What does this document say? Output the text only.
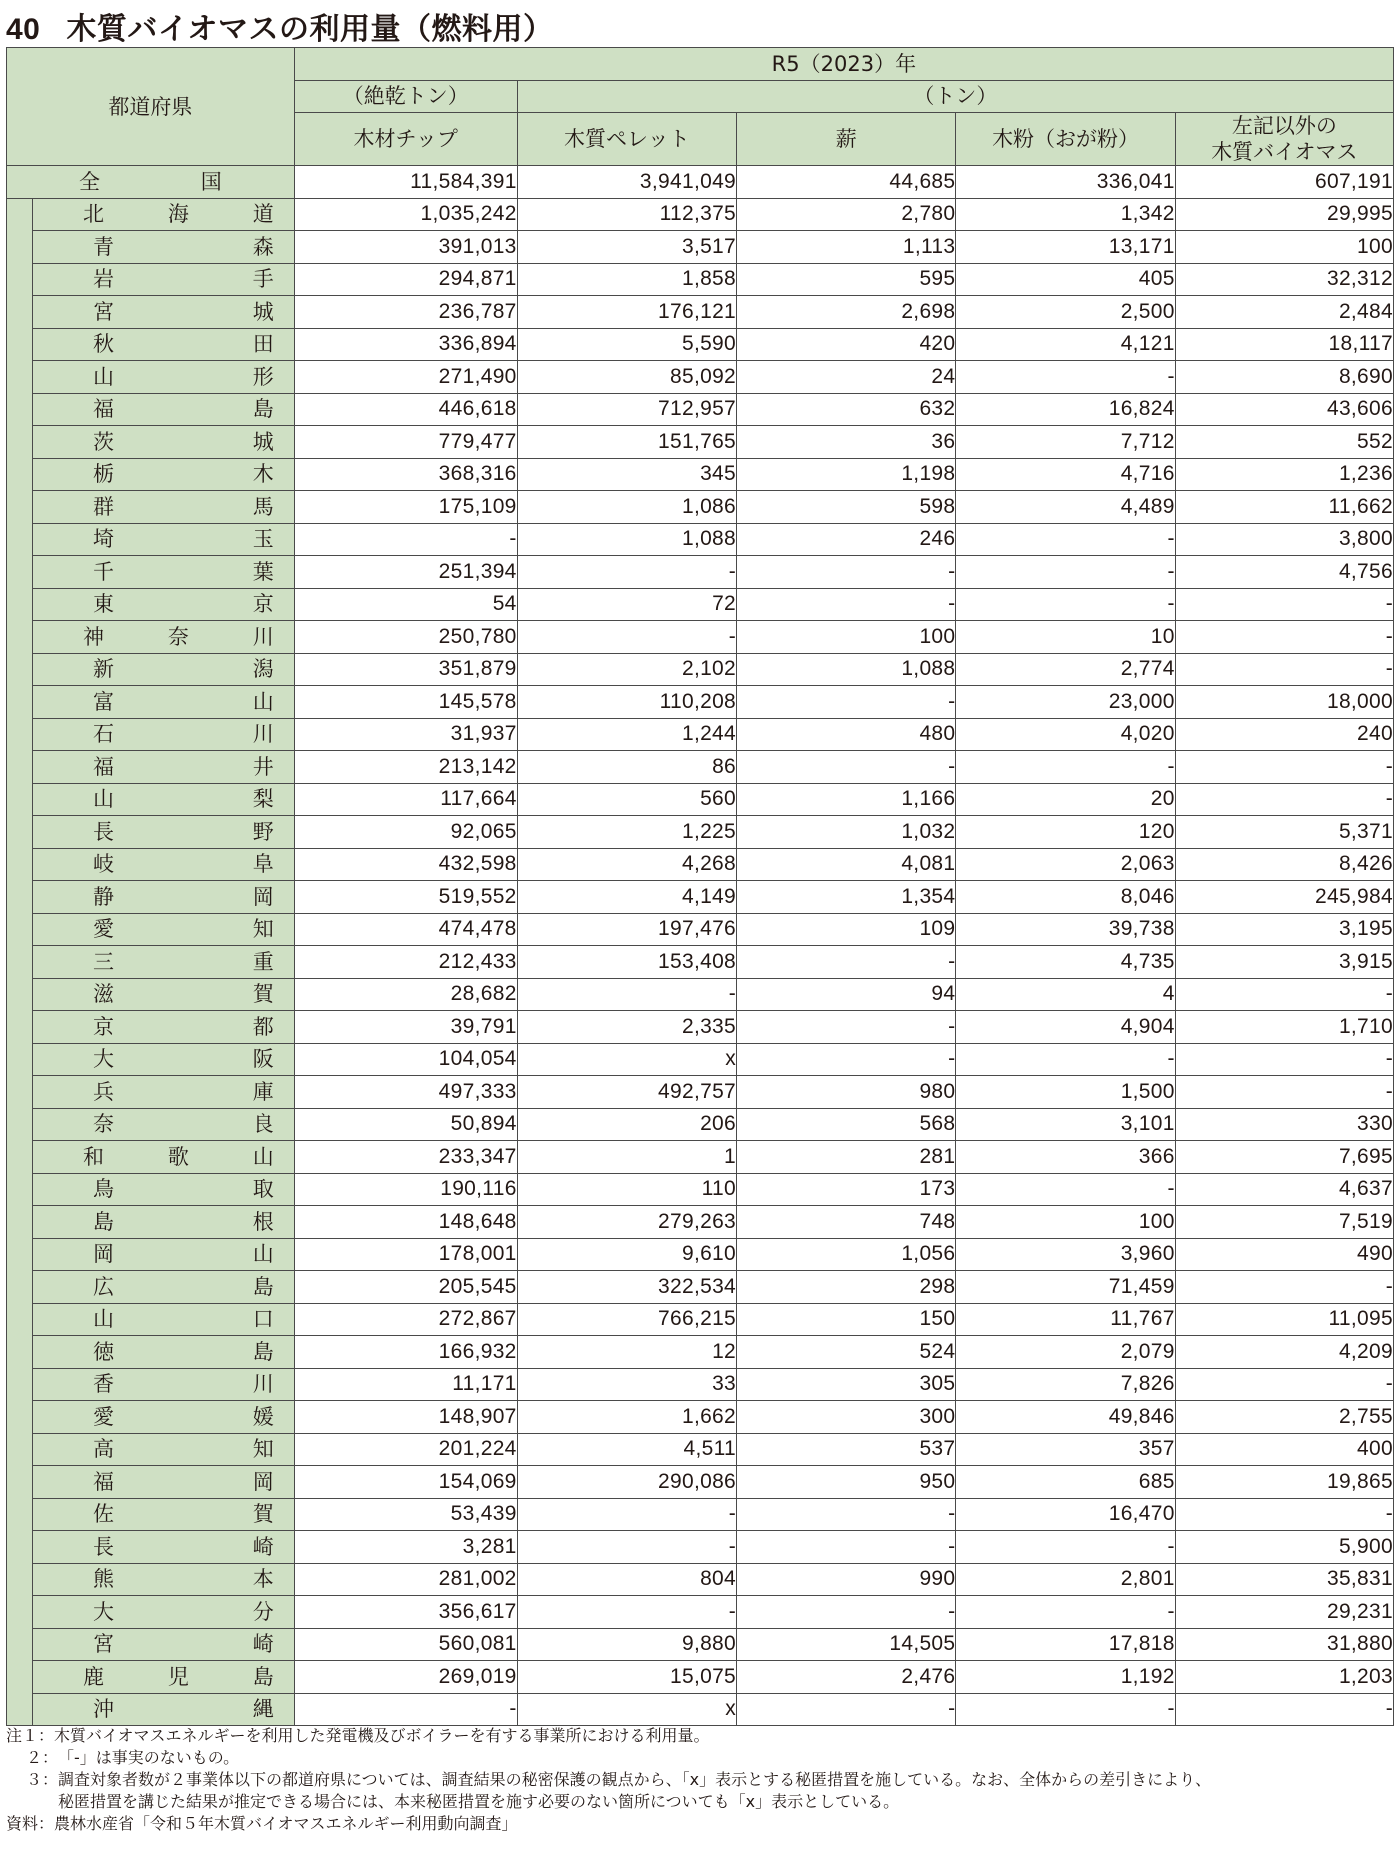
40 木質バイオマスの利用量（燃料用）
都道府県		R5（2023）年				
		（絶乾トン）	（トン）			
		木材チップ	木質ペレット	薪	木粉（おが粉）	左記以外の
木質バイオマス

全 国		11,584,391	3,941,049	44,685	336,041	607,191

	北 海 道	1,035,242	112,375	2,780	1,342	29,995

	青 森	391,013	3,517	1,113	13,171	100

	岩 手	294,871	1,858	595	405	32,312

	宮 城	236,787	176,121	2,698	2,500	2,484

	秋 田	336,894	5,590	420	4,121	18,117

	山 形	271,490	85,092	24	-	8,690

	福 島	446,618	712,957	632	16,824	43,606

	茨 城	779,477	151,765	36	7,712	552

	栃 木	368,316	345	1,198	4,716	1,236

	群 馬	175,109	1,086	598	4,489	11,662

	埼 玉	-	1,088	246	-	3,800

	千 葉	251,394	-	-	-	4,756

	東 京	54	72	-	-	-

	神 奈 川	250,780	-	100	10	-

	新 潟	351,879	2,102	1,088	2,774	-

	富 山	145,578	110,208	-	23,000	18,000

	石 川	31,937	1,244	480	4,020	240

	福 井	213,142	86	-	-	-

	山 梨	117,664	560	1,166	20	-

	長 野	92,065	1,225	1,032	120	5,371

	岐 阜	432,598	4,268	4,081	2,063	8,426

	静 岡	519,552	4,149	1,354	8,046	245,984

	愛 知	474,478	197,476	109	39,738	3,195

	三 重	212,433	153,408	-	4,735	3,915

	滋 賀	28,682	-	94	4	-

	京 都	39,791	2,335	-	4,904	1,710

	大 阪	104,054	x	-	-	-

	兵 庫	497,333	492,757	980	1,500	-

	奈 良	50,894	206	568	3,101	330

	和 歌 山	233,347	1	281	366	7,695

	鳥 取	190,116	110	173	-	4,637

	島 根	148,648	279,263	748	100	7,519

	岡 山	178,001	9,610	1,056	3,960	490

	広 島	205,545	322,534	298	71,459	-

	山 口	272,867	766,215	150	11,767	11,095

	徳 島	166,932	12	524	2,079	4,209

	香 川	11,171	33	305	7,826	-

	愛 媛	148,907	1,662	300	49,846	2,755

	高 知	201,224	4,511	537	357	400

	福 岡	154,069	290,086	950	685	19,865

	佐 賀	53,439	-	-	16,470	-

	長 崎	3,281	-	-	-	5,900

	熊 本	281,002	804	990	2,801	35,831

	大 分	356,617	-	-	-	29,231

	宮 崎	560,081	9,880	14,505	17,818	31,880

	鹿 児 島	269,019	15,075	2,476	1,192	1,203

	沖 縄	-	x	-	-	-
注１：木質バイオマスエネルギーを利用した発電機及びボイラーを有する事業所における利用量。
２：「-」は事実のないもの。
３：調査対象者数が２事業体以下の都道府県については、調査結果の秘密保護の観点から、「x」表示とする秘匿措置を施している。なお、全体からの差引きにより、
秘匿措置を講じた結果が推定できる場合には、本来秘匿措置を施す必要のない箇所についても「x」表示としている。
資料：農林水産省「令和５年木質バイオマスエネルギー利用動向調査」
